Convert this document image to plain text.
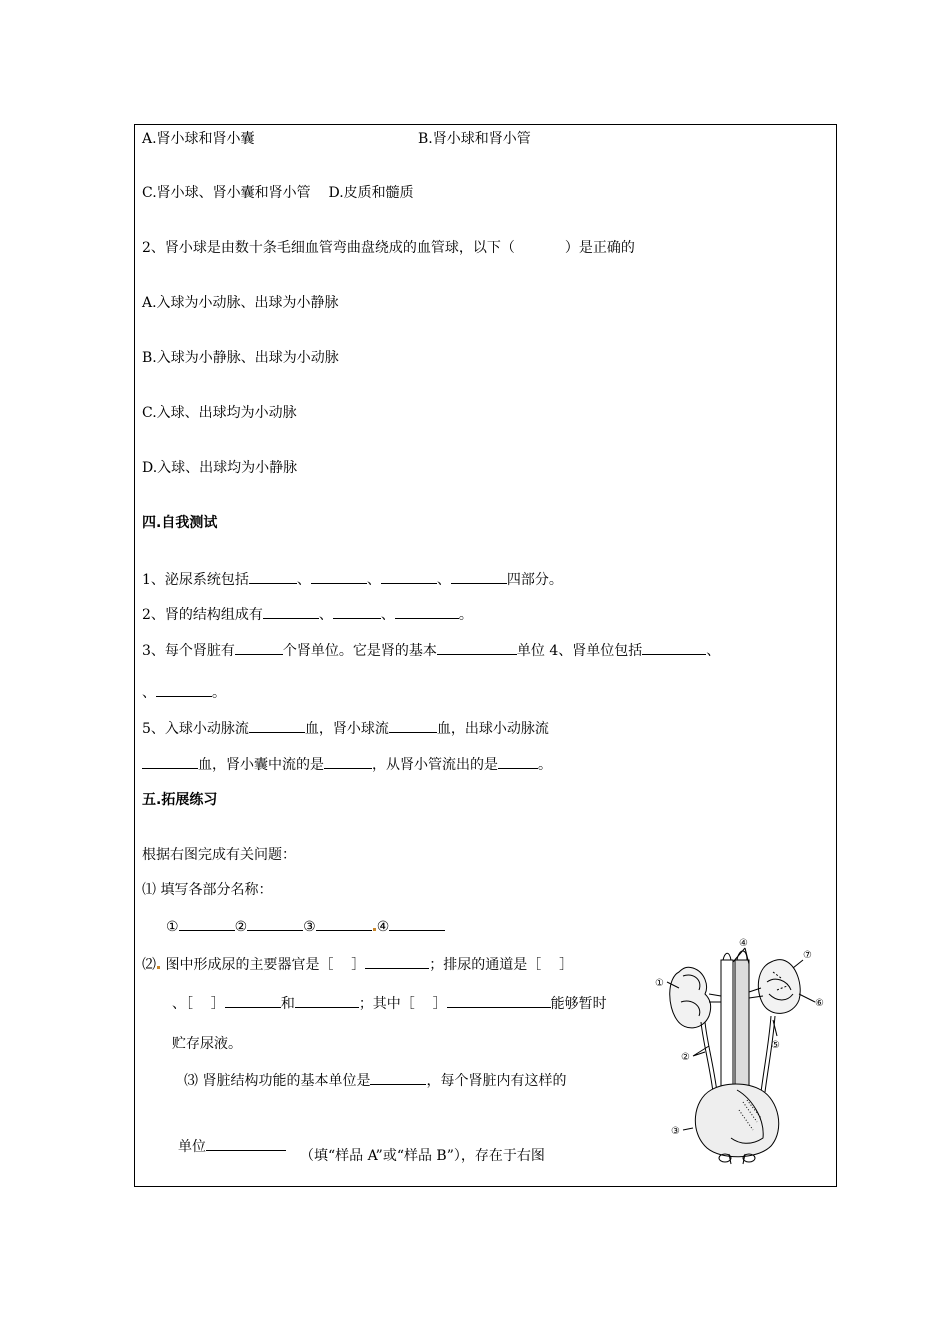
A.肾小球和肾小囊	B.肾小球和肾小管
C.肾小球、肾小囊和肾小管 D.皮质和髓质
2、肾小球是由数十条毛细血管弯曲盘绕成的血管球，以下（	）是正确的
A.入球为小动脉、出球为小静脉
B.入球为小静脉、出球为小动脉
C.入球、出球均为小动脉
D.入球、出球均为小静脉
四.自我测试
1、泌尿系统包括	、	、	、	四部分。
2、肾的结构组成有	、	、	。
3、每个肾脏有	个肾单位。它是肾的基本	单位 4、肾单位包括	、
、	。
5、入球小动脉流	血，肾小球流	血，出球小动脉流
血，肾小囊中流的是	，从肾小管流出的是	。
五.拓展练习
根据右图完成有关问题：
⑴ 填写各部分名称：
①	②	③	④
⑵ 图中形成尿的主要器官是［    ］	；排尿的通道是［    ］
、［    ］	和	；其中［    ］	能够暂时
贮存尿液。
⑶ 肾脏结构功能的基本单位是	，每个肾脏内有这样的
单位
（填“样品 A”或“样品 B”），存在于右图
①
②
③
④
⑤
⑥
⑦
